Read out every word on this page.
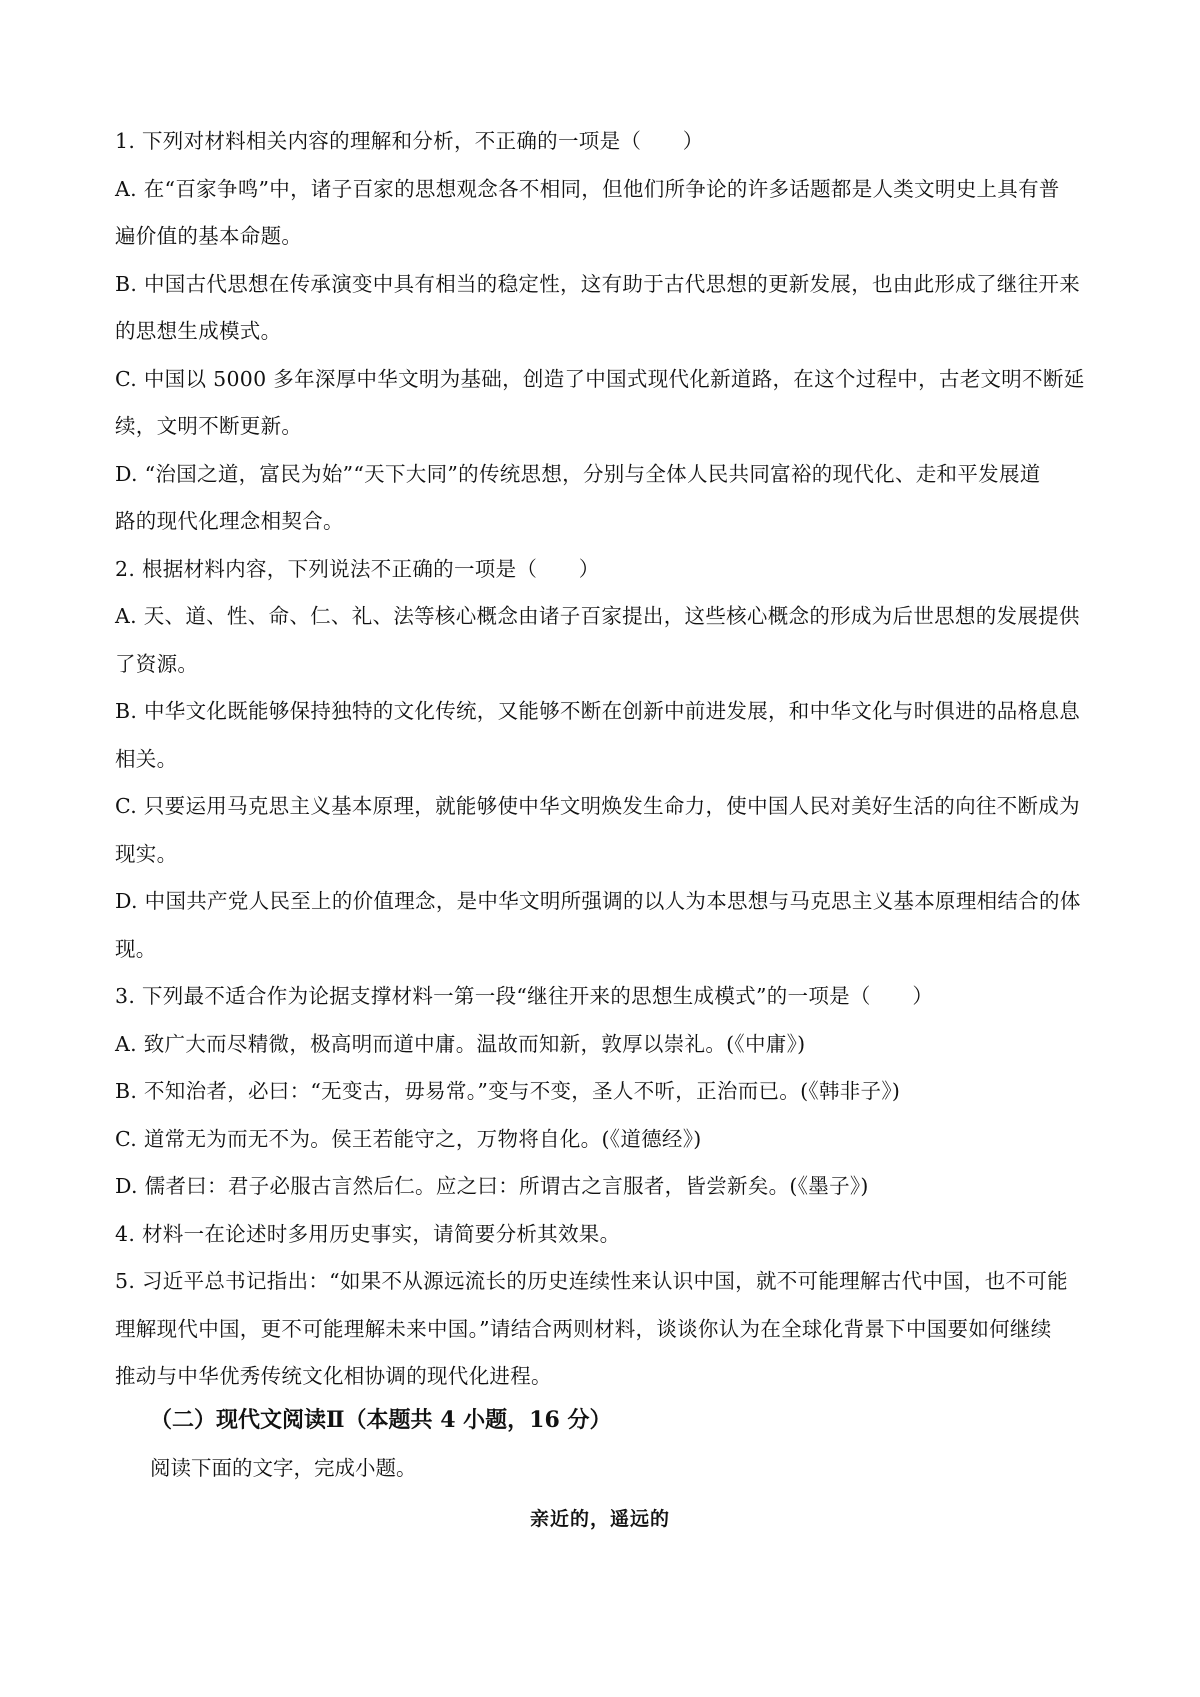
1. 下列对材料相关内容的理解和分析，不正确的一项是（　　）
A. 在“百家争鸣”中，诸子百家的思想观念各不相同，但他们所争论的许多话题都是人类文明史上具有普
遍价值的基本命题。
B. 中国古代思想在传承演变中具有相当的稳定性，这有助于古代思想的更新发展，也由此形成了继往开来
的思想生成模式。
C. 中国以 5000 多年深厚中华文明为基础，创造了中国式现代化新道路，在这个过程中，古老文明不断延
续，文明不断更新。
D. “治国之道，富民为始”“天下大同”的传统思想，分别与全体人民共同富裕的现代化、走和平发展道
路的现代化理念相契合。
2. 根据材料内容，下列说法不正确的一项是（　　）
A. 天、道、性、命、仁、礼、法等核心概念由诸子百家提出，这些核心概念的形成为后世思想的发展提供
了资源。
B. 中华文化既能够保持独特的文化传统，又能够不断在创新中前进发展，和中华文化与时俱进的品格息息
相关。
C. 只要运用马克思主义基本原理，就能够使中华文明焕发生命力，使中国人民对美好生活的向往不断成为
现实。
D. 中国共产党人民至上的价值理念，是中华文明所强调的以人为本思想与马克思主义基本原理相结合的体
现。
3. 下列最不适合作为论据支撑材料一第一段“继往开来的思想生成模式”的一项是（　　）
A. 致广大而尽精微，极高明而道中庸。温故而知新，敦厚以崇礼。(《中庸》)
B. 不知治者，必曰：“无变古，毋易常。”变与不变，圣人不听，正治而已。(《韩非子》)
C. 道常无为而无不为。侯王若能守之，万物将自化。(《道德经》)
D. 儒者曰：君子必服古言然后仁。应之曰：所谓古之言服者，皆尝新矣。(《墨子》)
4. 材料一在论述时多用历史事实，请简要分析其效果。
5. 习近平总书记指出：“如果不从源远流长的历史连续性来认识中国，就不可能理解古代中国，也不可能
理解现代中国，更不可能理解未来中国。”请结合两则材料，谈谈你认为在全球化背景下中国要如何继续
推动与中华优秀传统文化相协调的现代化进程。
（二）现代文阅读Ⅱ（本题共 4 小题，16 分）
阅读下面的文字，完成小题。
亲近的，遥远的
